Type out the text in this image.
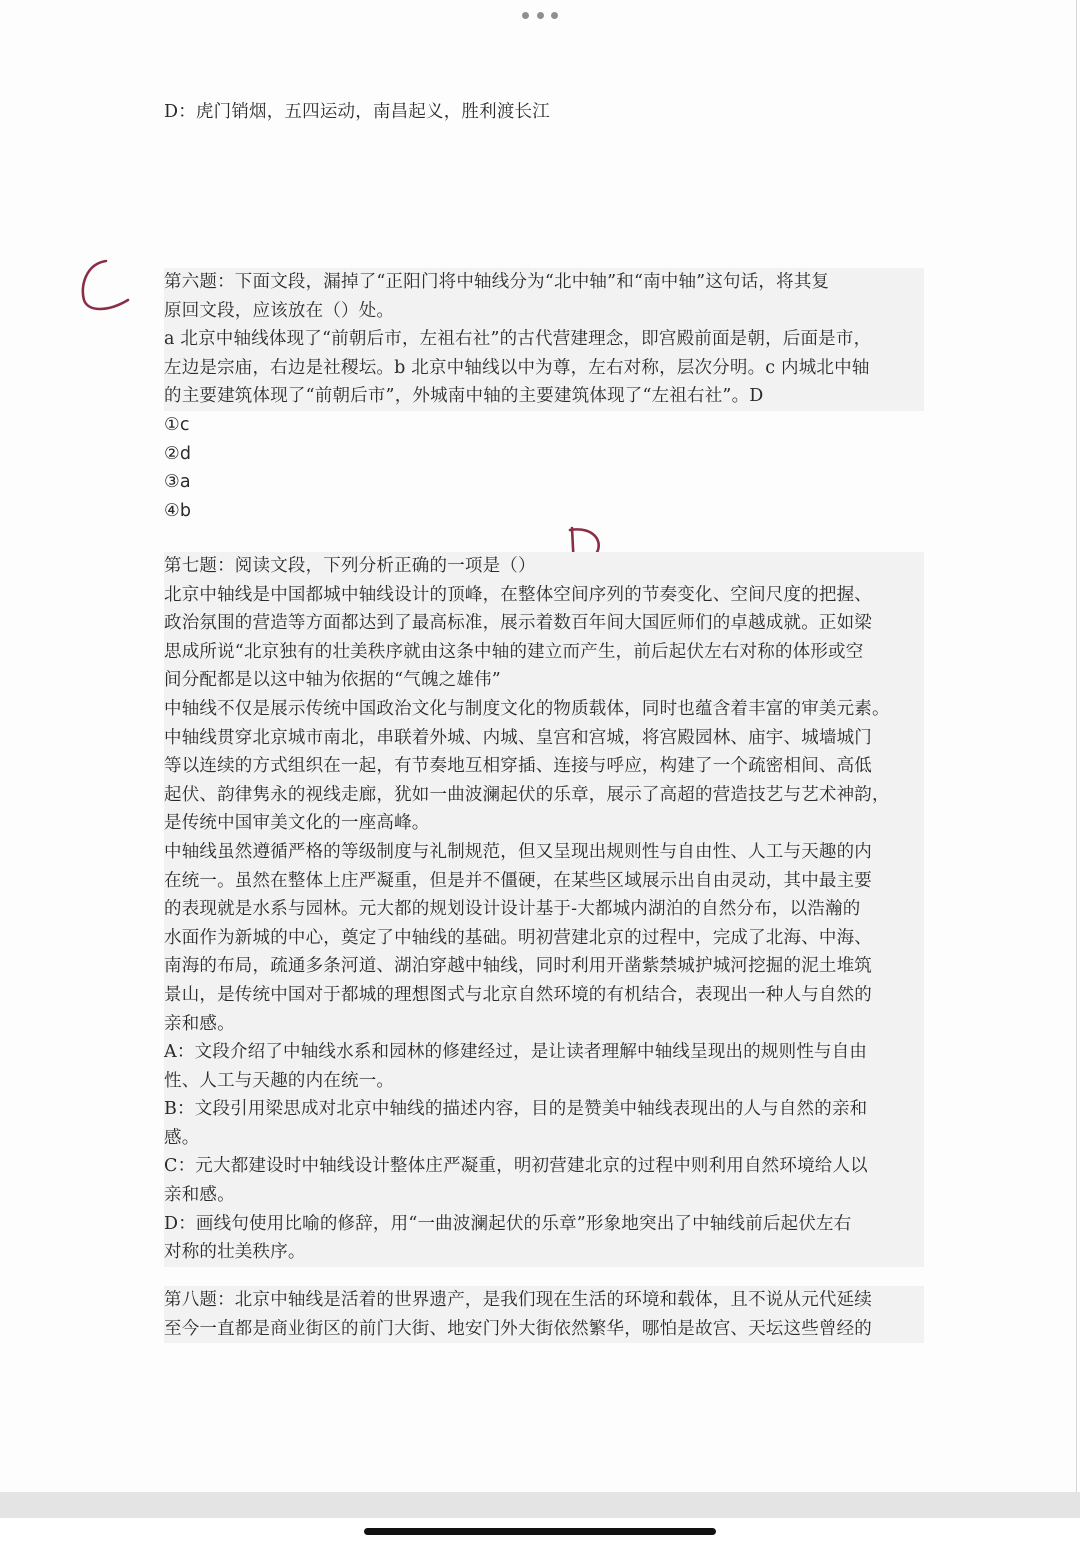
D：虎门销烟，五四运动，南昌起义，胜利渡长江
第六题：下面文段，漏掉了“正阳门将中轴线分为“北中轴”和“南中轴”这句话，将其复
原回文段，应该放在（）处。
a 北京中轴线体现了“前朝后市，左祖右社”的古代营建理念，即宫殿前面是朝，后面是市，
左边是宗庙，右边是社稷坛。b 北京中轴线以中为尊，左右对称，层次分明。c 内城北中轴
的主要建筑体现了“前朝后市”，外城南中轴的主要建筑体现了“左祖右社”。D
①c
②d
③a
④b
第七题：阅读文段，下列分析正确的一项是（）
北京中轴线是中国都城中轴线设计的顶峰，在整体空间序列的节奏变化、空间尺度的把握、
政治氛围的营造等方面都达到了最高标准，展示着数百年间大国匠师们的卓越成就。正如梁
思成所说“北京独有的壮美秩序就由这条中轴的建立而产生，前后起伏左右对称的体形或空
间分配都是以这中轴为依据的“气魄之雄伟”
中轴线不仅是展示传统中国政治文化与制度文化的物质载体，同时也蕴含着丰富的审美元素。
中轴线贯穿北京城市南北，串联着外城、内城、皇宫和宫城，将宫殿园林、庙宇、城墙城门
等以连续的方式组织在一起，有节奏地互相穿插、连接与呼应，构建了一个疏密相间、高低
起伏、韵律隽永的视线走廊，犹如一曲波澜起伏的乐章，展示了高超的营造技艺与艺术神韵，
是传统中国审美文化的一座高峰。
中轴线虽然遵循严格的等级制度与礼制规范，但又呈现出规则性与自由性、人工与天趣的内
在统一。虽然在整体上庄严凝重，但是并不僵硬，在某些区域展示出自由灵动，其中最主要
的表现就是水系与园林。元大都的规划设计设计基于-大都城内湖泊的自然分布，以浩瀚的
水面作为新城的中心，奠定了中轴线的基础。明初营建北京的过程中，完成了北海、中海、
南海的布局，疏通多条河道、湖泊穿越中轴线，同时利用开凿紫禁城护城河挖掘的泥土堆筑
景山，是传统中国对于都城的理想图式与北京自然环境的有机结合，表现出一种人与自然的
亲和感。
A：文段介绍了中轴线水系和园林的修建经过，是让读者理解中轴线呈现出的规则性与自由
性、人工与天趣的内在统一。
B：文段引用梁思成对北京中轴线的描述内容，目的是赞美中轴线表现出的人与自然的亲和
感。
C：元大都建设时中轴线设计整体庄严凝重，明初营建北京的过程中则利用自然环境给人以
亲和感。
D：画线句使用比喻的修辞，用“一曲波澜起伏的乐章”形象地突出了中轴线前后起伏左右
对称的壮美秩序。
第八题：北京中轴线是活着的世界遗产，是我们现在生活的环境和载体，且不说从元代延续
至今一直都是商业街区的前门大街、地安门外大街依然繁华，哪怕是故宫、天坛这些曾经的
